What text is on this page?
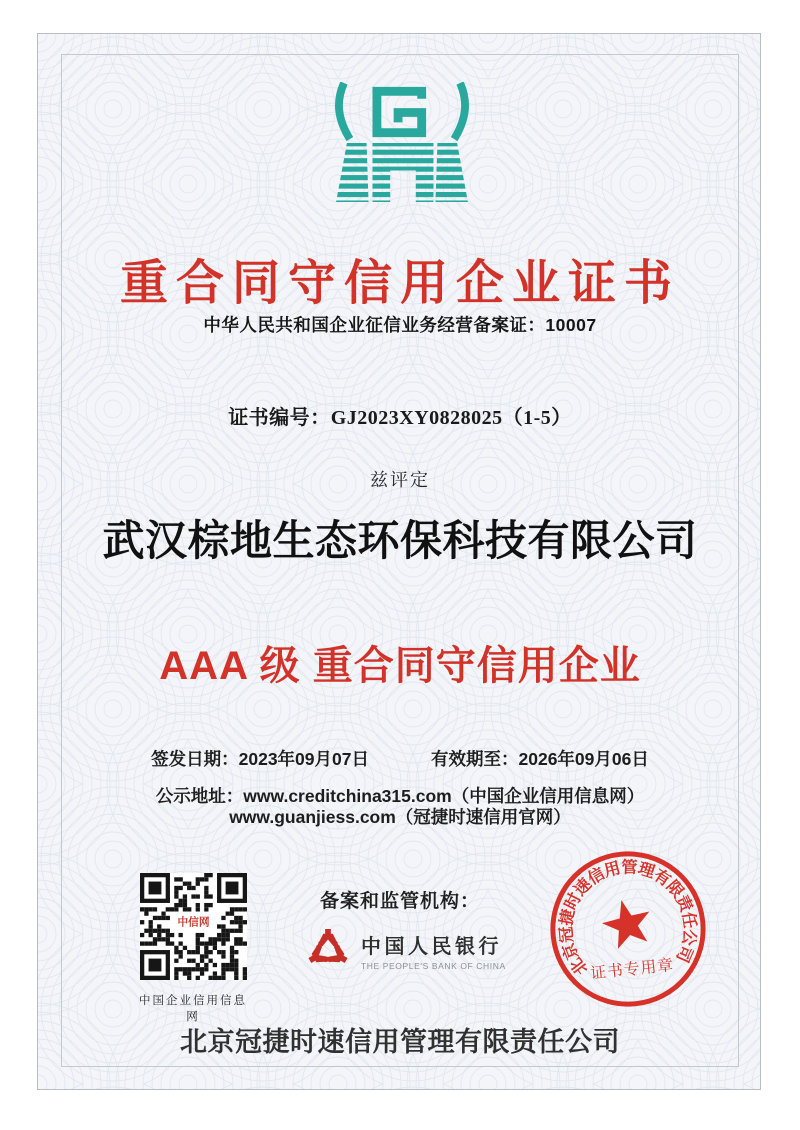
重合同守信用企业证书
中华人民共和国企业征信业务经营备案证：10007
证书编号：GJ2023XY0828025（1-5）
兹评定
武汉棕地生态环保科技有限公司
AAA 级 重合同守信用企业
签发日期：2023年09月07日	有效期至：2026年09月06日
公示地址：www.creditchina315.com（中国企业信用信息网）
www.guanjiess.com（冠捷时速信用官网）
中信网
中国企业信用信息网
备案和监管机构：
中国人民银行
THE PEOPLE'S BANK OF CHINA	北京冠捷时速信用管理有限责任公司
证书专用章
北京冠捷时速信用管理有限责任公司
